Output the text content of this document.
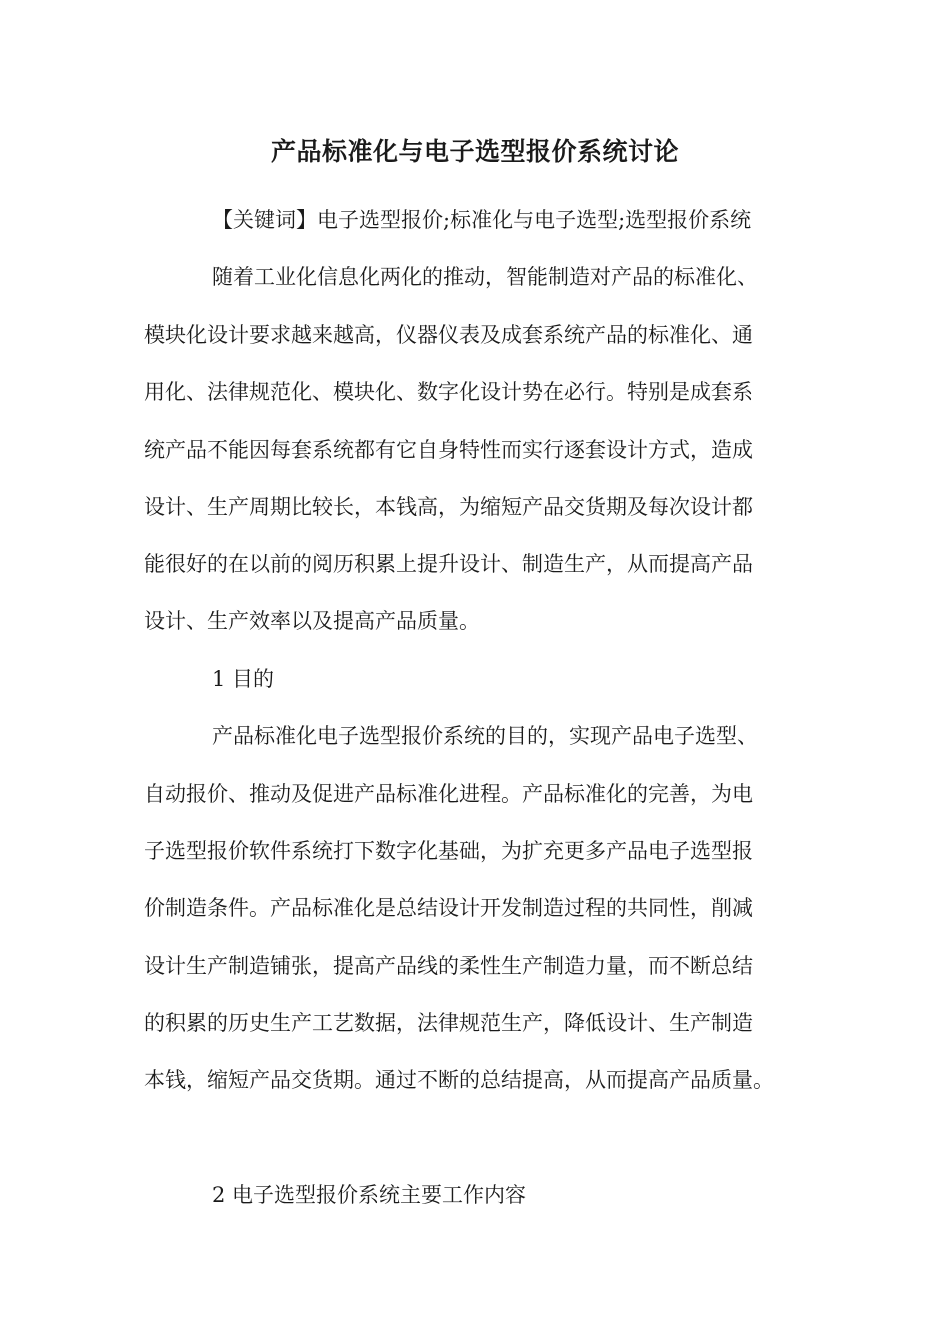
产品标准化与电子选型报价系统讨论
【关键词】电子选型报价;标准化与电子选型;选型报价系统
随着工业化信息化两化的推动，智能制造对产品的标准化、
模块化设计要求越来越高，仪器仪表及成套系统产品的标准化、通
用化、法律规范化、模块化、数字化设计势在必行。特别是成套系
统产品不能因每套系统都有它自身特性而实行逐套设计方式，造成
设计、生产周期比较长，本钱高，为缩短产品交货期及每次设计都
能很好的在以前的阅历积累上提升设计、制造生产，从而提高产品
设计、生产效率以及提高产品质量。
1 目的
产品标准化电子选型报价系统的目的，实现产品电子选型、
自动报价、推动及促进产品标准化进程。产品标准化的完善，为电
子选型报价软件系统打下数字化基础，为扩充更多产品电子选型报
价制造条件。产品标准化是总结设计开发制造过程的共同性，削减
设计生产制造铺张，提高产品线的柔性生产制造力量，而不断总结
的积累的历史生产工艺数据，法律规范生产，降低设计、生产制造
本钱，缩短产品交货期。通过不断的总结提高，从而提高产品质量。
2 电子选型报价系统主要工作内容
